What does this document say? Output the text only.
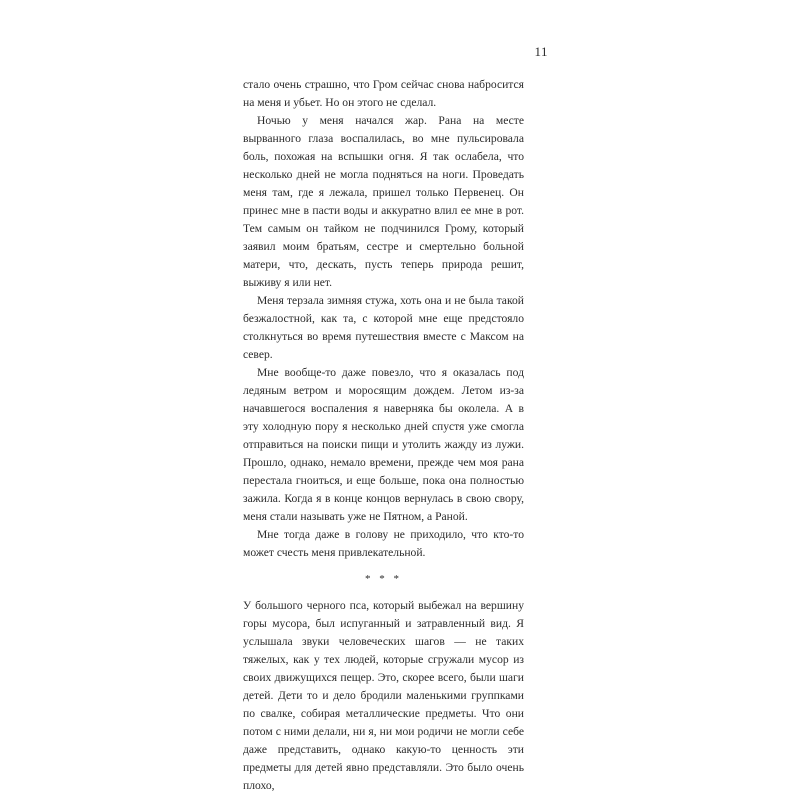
11

стало очень страшно, что Гром сейчас снова набросится на меня и убьет. Но он этого не сделал.

Ночью у меня начался жар. Рана на месте вырванного глаза воспалилась, во мне пульсировала боль, похожая на вспышки огня. Я так ослабела, что несколько дней не могла подняться на ноги. Проведать меня там, где я лежала, пришел только Первенец. Он принес мне в пасти воды и аккуратно влил ее мне в рот. Тем самым он тайком не подчинился Грому, который заявил моим братьям, сестре и смертельно больной матери, что, дескать, пусть теперь природа решит, выживу я или нет.

Меня терзала зимняя стужа, хоть она и не была такой безжалостной, как та, с которой мне еще предстояло столкнуться во время путешествия вместе с Максом на север.

Мне вообще-то даже повезло, что я оказалась под ледяным ветром и моросящим дождем. Летом из-за начавшегося воспаления я наверняка бы околела. А в эту холодную пору я несколько дней спустя уже смогла отправиться на поиски пищи и утолить жажду из лужи. Прошло, однако, немало времени, прежде чем моя рана перестала гноиться, и еще больше, пока она полностью зажила. Когда я в конце концов вернулась в свою свору, меня стали называть уже не Пятном, а Раной.

Мне тогда даже в голову не приходило, что кто-то может счесть меня привлекательной.

* * *

У большого черного пса, который выбежал на вершину горы мусора, был испуганный и затравленный вид. Я услышала звуки человеческих шагов — не таких тяжелых, как у тех людей, которые сгружали мусор из своих движущихся пещер. Это, скорее всего, были шаги детей. Дети то и дело бродили маленькими группками по свалке, собирая металлические предметы. Что они потом с ними делали, ни я, ни мои родичи не могли себе даже представить, однако какую-то ценность эти предметы для детей явно представляли. Это было очень плохо,
